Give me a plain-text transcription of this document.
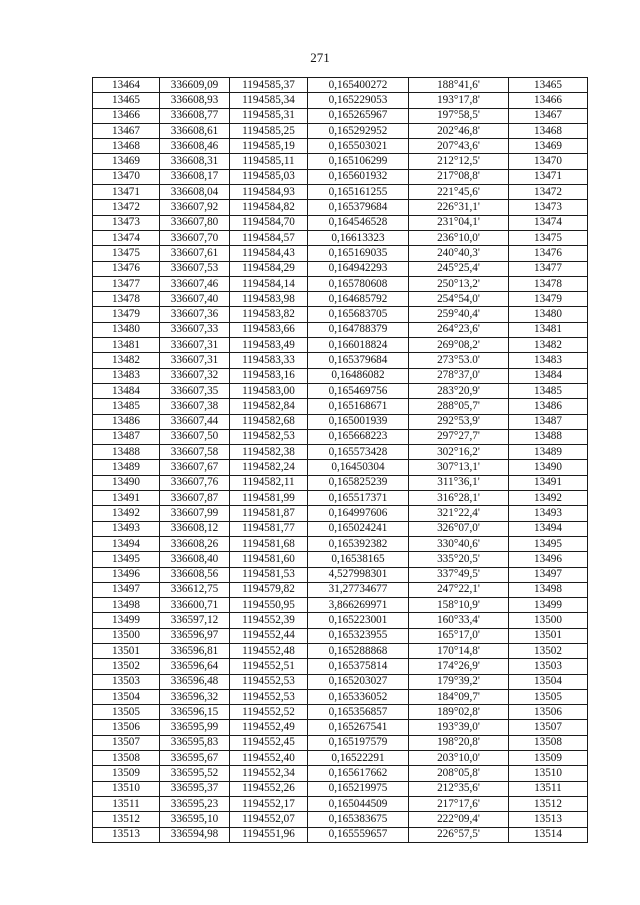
271
13464	336609,09	1194585,37	0,165400272	188°41,6'	13465
13465	336608,93	1194585,34	0,165229053	193°17,8'	13466
13466	336608,77	1194585,31	0,165265967	197°58,5'	13467
13467	336608,61	1194585,25	0,165292952	202°46,8'	13468
13468	336608,46	1194585,19	0,165503021	207°43,6'	13469
13469	336608,31	1194585,11	0,165106299	212°12,5'	13470
13470	336608,17	1194585,03	0,165601932	217°08,8'	13471
13471	336608,04	1194584,93	0,165161255	221°45,6'	13472
13472	336607,92	1194584,82	0,165379684	226°31,1'	13473
13473	336607,80	1194584,70	0,164546528	231°04,1'	13474
13474	336607,70	1194584,57	0,16613323	236°10,0'	13475
13475	336607,61	1194584,43	0,165169035	240°40,3'	13476
13476	336607,53	1194584,29	0,164942293	245°25,4'	13477
13477	336607,46	1194584,14	0,165780608	250°13,2'	13478
13478	336607,40	1194583,98	0,164685792	254°54,0'	13479
13479	336607,36	1194583,82	0,165683705	259°40,4'	13480
13480	336607,33	1194583,66	0,164788379	264°23,6'	13481
13481	336607,31	1194583,49	0,166018824	269°08,2'	13482
13482	336607,31	1194583,33	0,165379684	273°53.0'	13483
13483	336607,32	1194583,16	0,16486082	278°37,0'	13484
13484	336607,35	1194583,00	0,165469756	283°20,9'	13485
13485	336607,38	1194582,84	0,165168671	288°05,7'	13486
13486	336607,44	1194582,68	0,165001939	292°53,9'	13487
13487	336607,50	1194582,53	0,165668223	297°27,7'	13488
13488	336607,58	1194582,38	0,165573428	302°16,2'	13489
13489	336607,67	1194582,24	0,16450304	307°13,1'	13490
13490	336607,76	1194582,11	0,165825239	311°36,1'	13491
13491	336607,87	1194581,99	0,165517371	316°28,1'	13492
13492	336607,99	1194581,87	0,164997606	321°22,4'	13493
13493	336608,12	1194581,77	0,165024241	326°07,0'	13494
13494	336608,26	1194581,68	0,165392382	330°40,6'	13495
13495	336608,40	1194581,60	0,16538165	335°20,5'	13496
13496	336608,56	1194581,53	4,527998301	337°49,5'	13497
13497	336612,75	1194579,82	31,27734677	247°22,1'	13498
13498	336600,71	1194550,95	3,866269971	158°10,9'	13499
13499	336597,12	1194552,39	0,165223001	160°33,4'	13500
13500	336596,97	1194552,44	0,165323955	165°17,0'	13501
13501	336596,81	1194552,48	0,165288868	170°14,8'	13502
13502	336596,64	1194552,51	0,165375814	174°26,9'	13503
13503	336596,48	1194552,53	0,165203027	179°39,2'	13504
13504	336596,32	1194552,53	0,165336052	184°09,7'	13505
13505	336596,15	1194552,52	0,165356857	189°02,8'	13506
13506	336595,99	1194552,49	0,165267541	193°39,0'	13507
13507	336595,83	1194552,45	0,165197579	198°20,8'	13508
13508	336595,67	1194552,40	0,16522291	203°10,0'	13509
13509	336595,52	1194552,34	0,165617662	208°05,8'	13510
13510	336595,37	1194552,26	0,165219975	212°35,6'	13511
13511	336595,23	1194552,17	0,165044509	217°17,6'	13512
13512	336595,10	1194552,07	0,165383675	222°09,4'	13513
13513	336594,98	1194551,96	0,165559657	226°57,5'	13514
